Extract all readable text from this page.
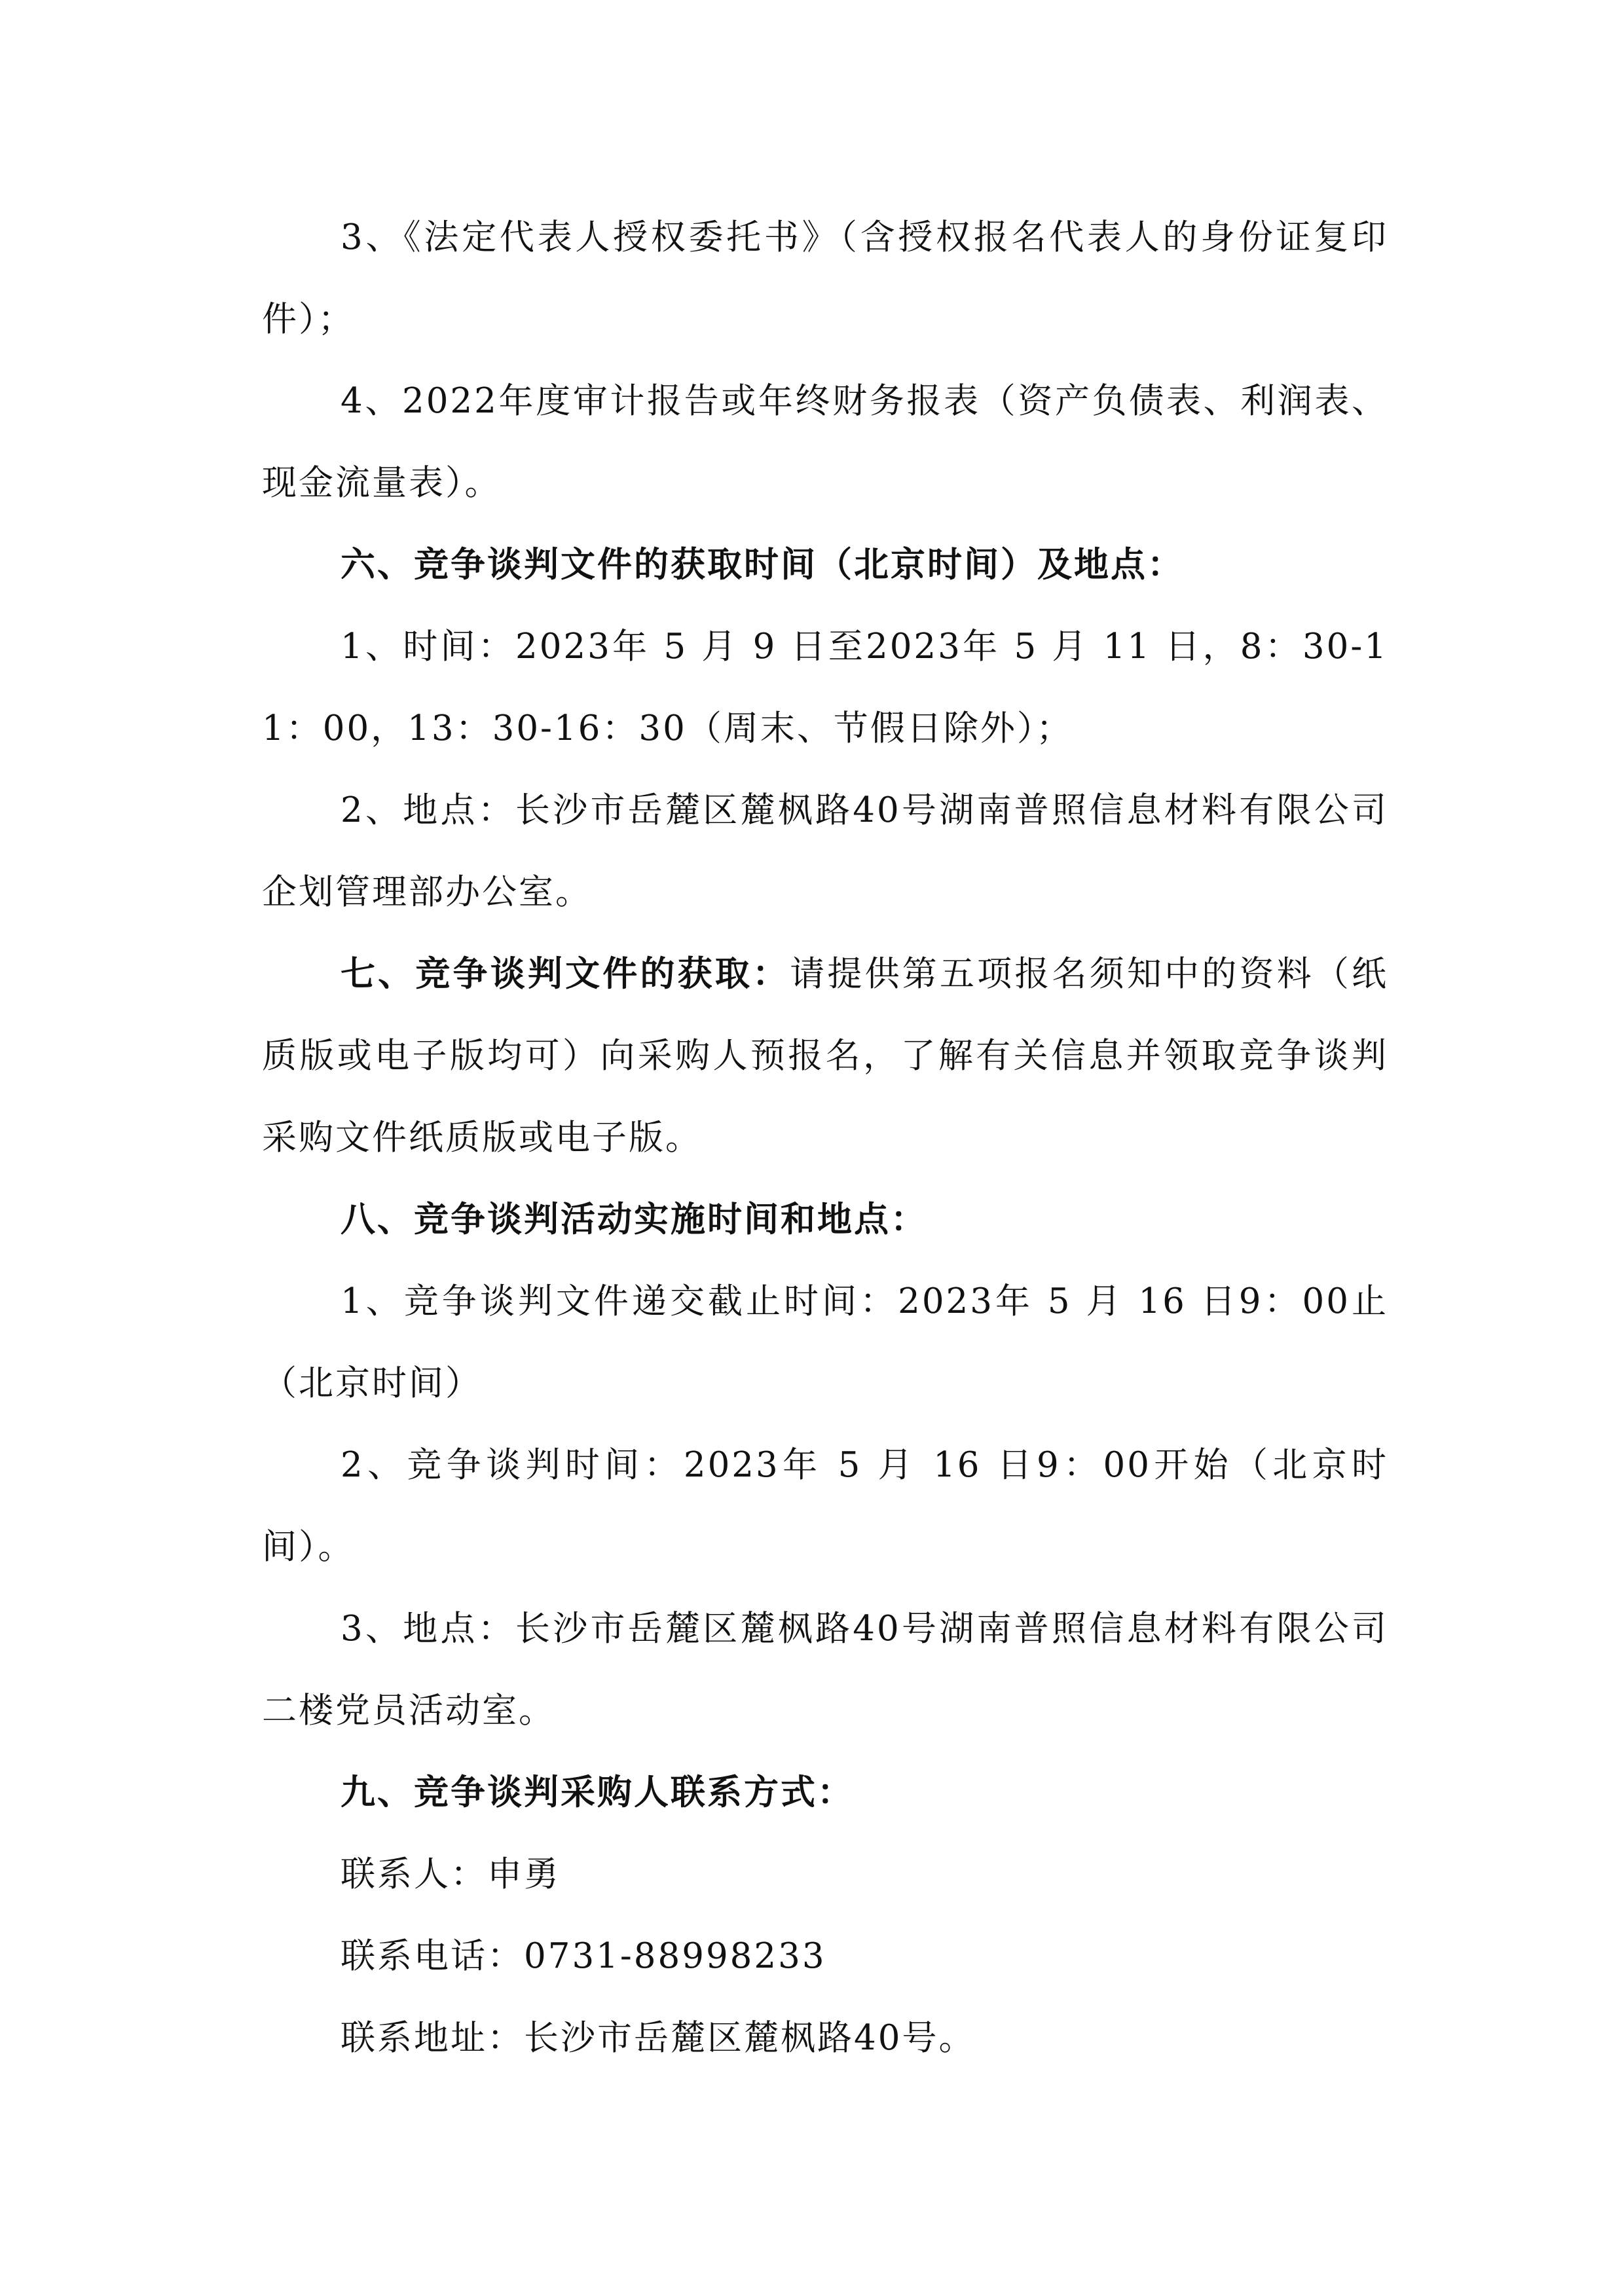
3、《法定代表人授权委托书》（含授权报名代表人的身份证复印件）；

4、2022年度审计报告或年终财务报表（资产负债表、利润表、现金流量表）。

六、竞争谈判文件的获取时间（北京时间）及地点：

1、时间：2023年 5 月 9 日至2023年 5 月 11 日，8：30-11：00，13：30-16：30（周末、节假日除外）；

2、地点：长沙市岳麓区麓枫路40号湖南普照信息材料有限公司企划管理部办公室。

七、竞争谈判文件的获取：请提供第五项报名须知中的资料（纸质版或电子版均可）向采购人预报名，了解有关信息并领取竞争谈判采购文件纸质版或电子版。

八、竞争谈判活动实施时间和地点：

1、竞争谈判文件递交截止时间：2023年 5 月 16 日9：00止（北京时间）

2、竞争谈判时间：2023年 5 月 16 日9：00开始（北京时间）。

3、地点：长沙市岳麓区麓枫路40号湖南普照信息材料有限公司二楼党员活动室。

九、竞争谈判采购人联系方式：

联系人：申勇

联系电话：0731-88998233

联系地址：长沙市岳麓区麓枫路40号。
